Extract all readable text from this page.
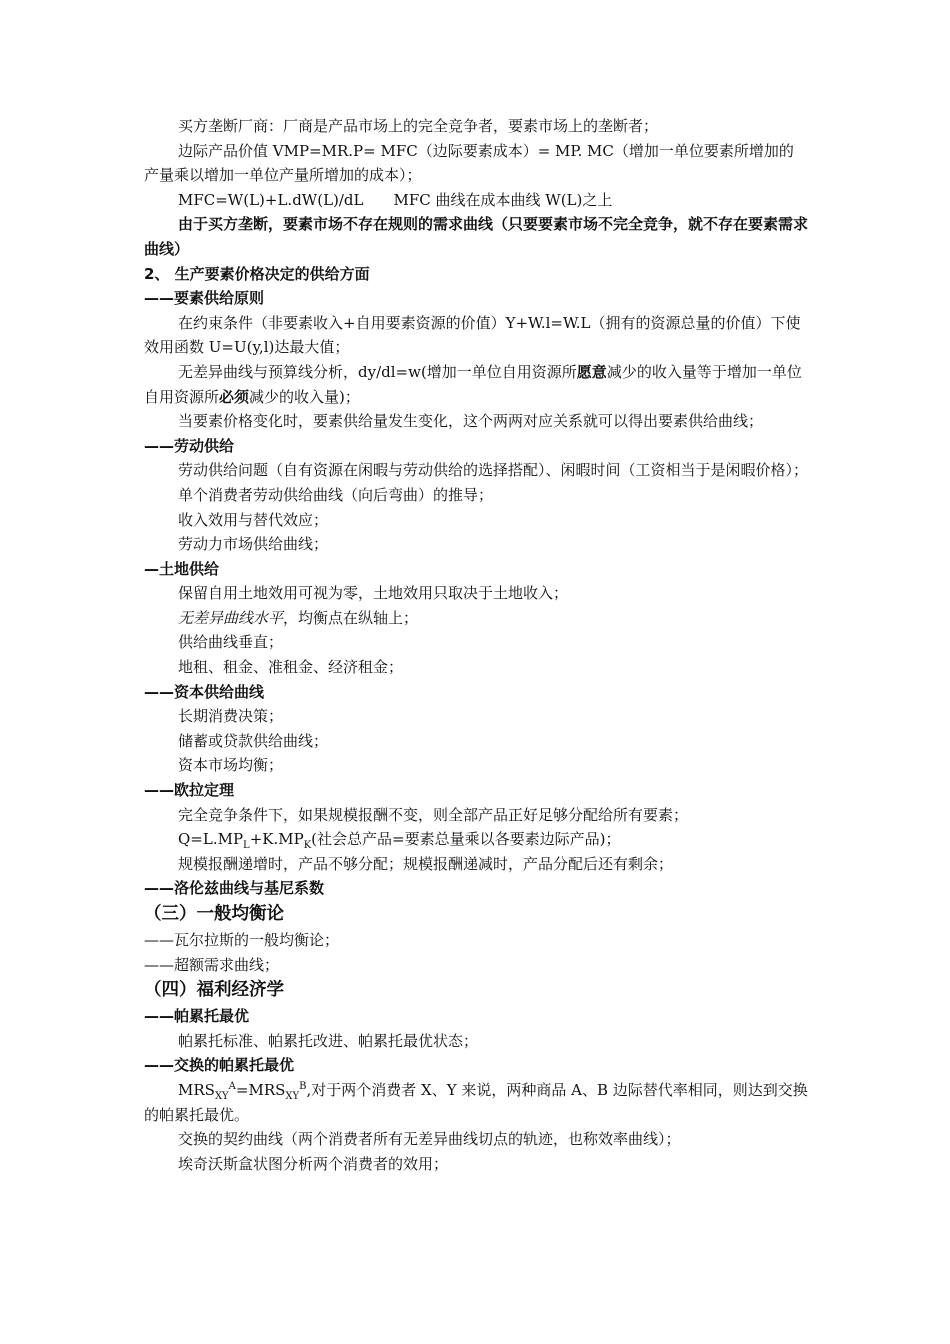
买方垄断厂商：厂商是产品市场上的完全竞争者，要素市场上的垄断者；

边际产品价值 VMP=MR.P= MFC（边际要素成本）= MP. MC（增加一单位要素所增加的产量乘以增加一单位产量所增加的成本）；

MFC=W(L)+L.dW(L)/dL　　MFC 曲线在成本曲线 W(L)之上

由于买方垄断，要素市场不存在规则的需求曲线（只要要素市场不完全竞争，就不存在要素需求曲线）

2、 生产要素价格决定的供给方面

——要素供给原则

在约束条件（非要素收入+自用要素资源的价值）Y+W.l=W.L（拥有的资源总量的价值）下使效用函数 U=U(y,l)达最大值；

无差异曲线与预算线分析，dy/dl=w(增加一单位自用资源所愿意减少的收入量等于增加一单位自用资源所必须减少的收入量)；

当要素价格变化时，要素供给量发生变化，这个两两对应关系就可以得出要素供给曲线；

——劳动供给

劳动供给问题（自有资源在闲暇与劳动供给的选择搭配）、闲暇时间（工资相当于是闲暇价格）；

单个消费者劳动供给曲线（向后弯曲）的推导；

收入效用与替代效应；

劳动力市场供给曲线；

—土地供给

保留自用土地效用可视为零，土地效用只取决于土地收入；

无差异曲线水平，均衡点在纵轴上；

供给曲线垂直；

地租、租金、准租金、经济租金；

——资本供给曲线

长期消费决策；

储蓄或贷款供给曲线；

资本市场均衡；

——欧拉定理

完全竞争条件下，如果规模报酬不变，则全部产品正好足够分配给所有要素；

$Q=L.MP_L+K.MP_K$(社会总产品=要素总量乘以各要素边际产品)；

规模报酬递增时，产品不够分配；规模报酬递减时，产品分配后还有剩余；

——洛伦兹曲线与基尼系数

（三）一般均衡论

——瓦尔拉斯的一般均衡论；

——超额需求曲线；

（四）福利经济学

——帕累托最优

帕累托标准、帕累托改进、帕累托最优状态；

——交换的帕累托最优

$MRS_{XY}^A=MRS_{XY}^B$,对于两个消费者 X、Y 来说，两种商品 A、B 边际替代率相同，则达到交换的帕累托最优。

交换的契约曲线（两个消费者所有无差异曲线切点的轨迹，也称效率曲线）；

埃奇沃斯盒状图分析两个消费者的效用；
